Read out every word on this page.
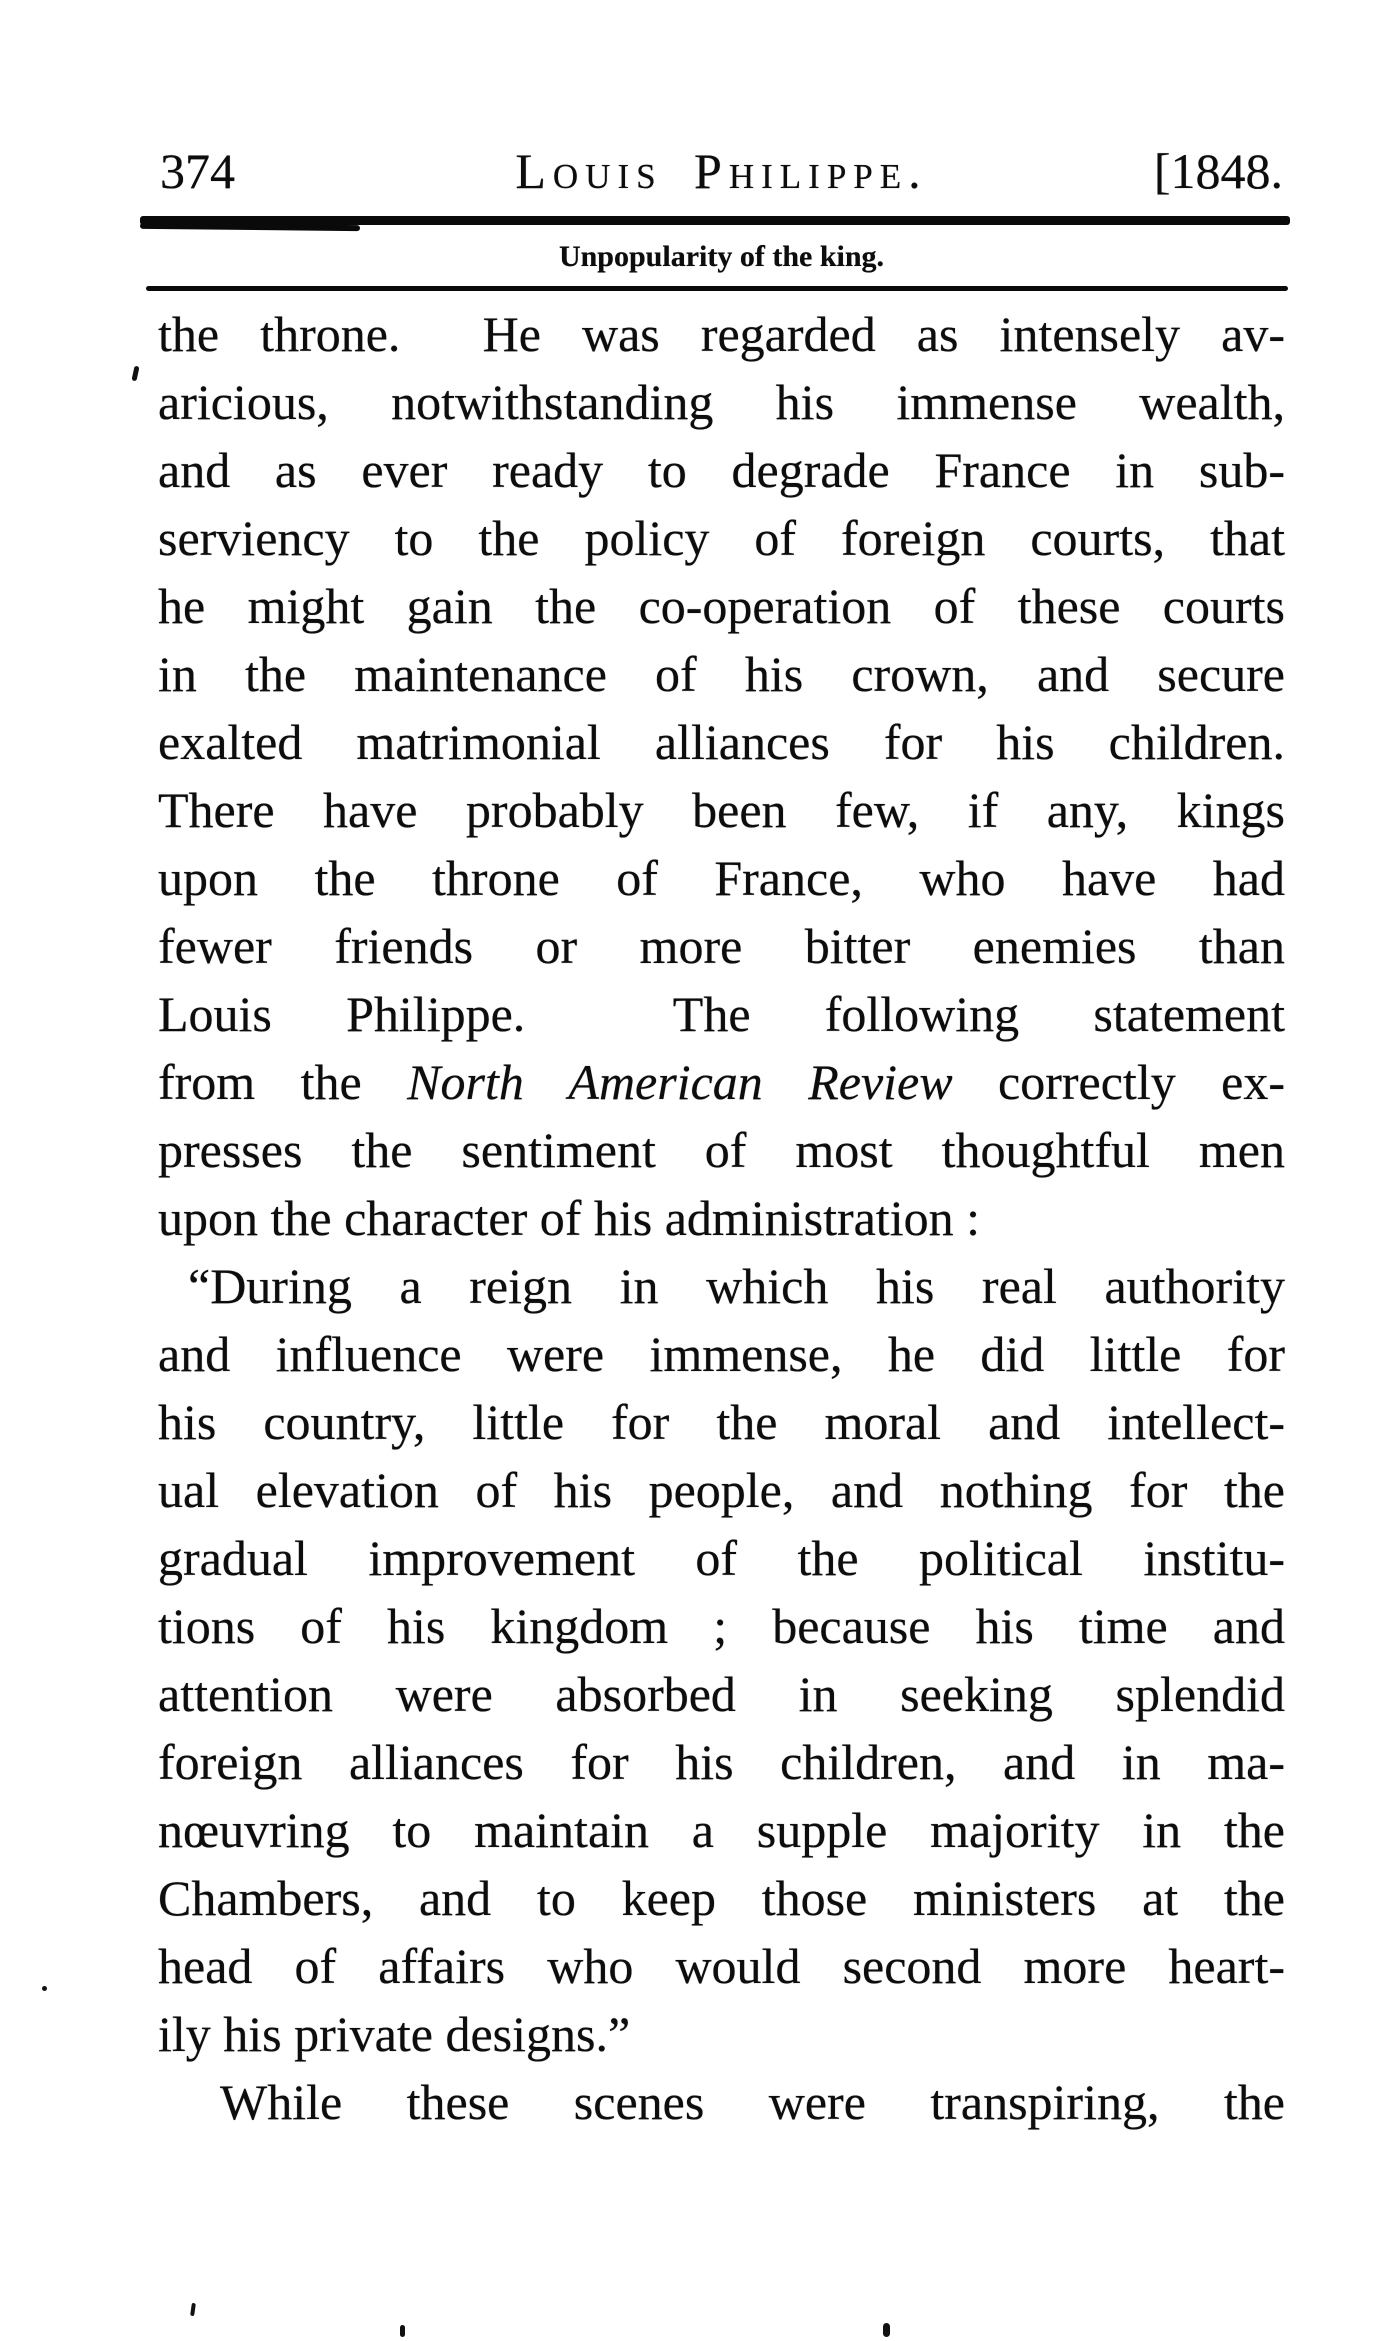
374	Louis Philippe.	[1848.
Unpopularity of the king.
the throne.  He was regarded as intensely av-
aricious, notwithstanding his immense wealth,
and as ever ready to degrade France in sub-
serviency to the policy of foreign courts, that
he might gain the co-operation of these courts
in the maintenance of his crown, and secure
exalted matrimonial alliances for his children.
There have probably been few, if any, kings
upon the throne of France, who have had
fewer friends or more bitter enemies than
Louis Philippe.  The following statement
from the North American Review correctly ex-
presses the sentiment of most thoughtful men
upon the character of his administration :
“During a reign in which his real authority
and influence were immense, he did little for
his country, little for the moral and intellect-
ual elevation of his people, and nothing for the
gradual improvement of the political institu-
tions of his kingdom ; because his time and
attention were absorbed in seeking splendid
foreign alliances for his children, and in ma-
nœuvring to maintain a supple majority in the
Chambers, and to keep those ministers at the
head of affairs who would second more heart-
ily his private designs.”
While these scenes were transpiring, the
